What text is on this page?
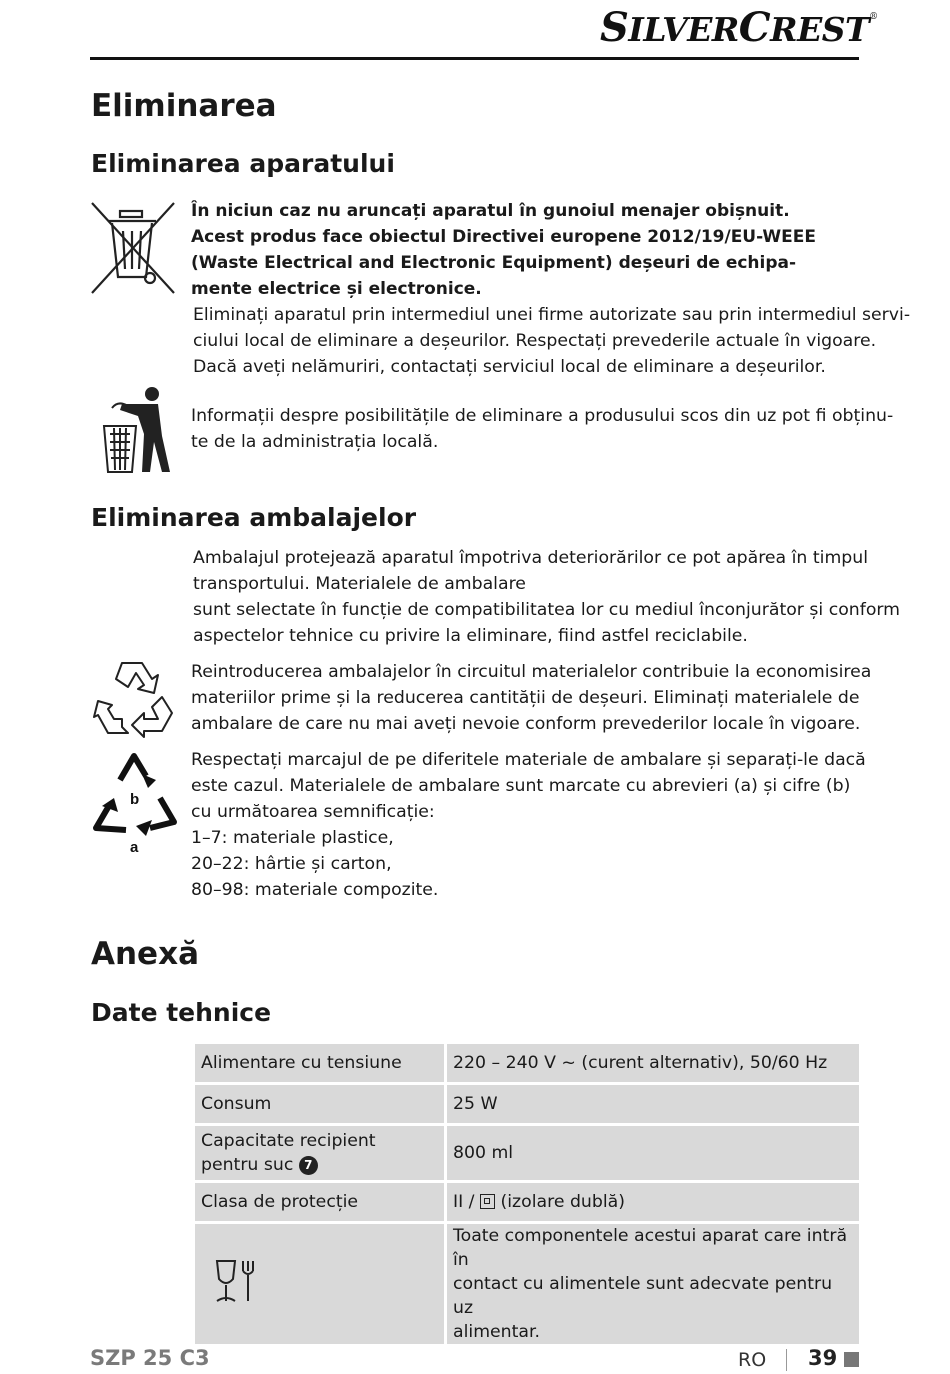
SILVERCREST®
Eliminarea
Eliminarea aparatului
În niciun caz nu aruncați aparatul în gunoiul menajer obișnuit.
Acest produs face obiectul Directivei europene 2012/19/EU-WEEE
(Waste Electrical and Electronic Equipment) deșeuri de echipa-
mente electrice și electronice.
Eliminați aparatul prin intermediul unei firme autorizate sau prin intermediul servi-
ciului local de eliminare a deșeurilor. Respectați prevederile actuale în vigoare.
Dacă aveți nelămuriri, contactați serviciul local de eliminare a deșeurilor.
Informații despre posibilitățile de eliminare a produsului scos din uz pot fi obținu-
te de la administrația locală.
Eliminarea ambalajelor
Ambalajul protejează aparatul împotriva deteriorărilor ce pot apărea în timpul
transportului. Materialele de ambalare
sunt selectate în funcție de compatibilitatea lor cu mediul înconjurător și conform
aspectelor tehnice cu privire la eliminare, fiind astfel reciclabile.
Reintroducerea ambalajelor în circuitul materialelor contribuie la economisirea
materiilor prime și la reducerea cantității de deșeuri. Eliminați materialele de
ambalare de care nu mai aveți nevoie conform prevederilor locale în vigoare.
b
a
Respectați marcajul de pe diferitele materiale de ambalare și separați-le dacă
este cazul. Materialele de ambalare sunt marcate cu abrevieri (a) și cifre (b)
cu următoarea semnificație:
1–7: materiale plastice,
20–22: hârtie și carton,
80–98: materiale compozite.
Anexă
Date tehnice
Alimentare cu tensiune	220 – 240 V ~ (curent alternativ), 50/60 Hz
Consum	25 W
Capacitate recipient pentru suc 7	800 ml
Clasa de protecție	II / (izolare dublă)

Toate componentele acestui aparat care intră în
contact cu alimentele sunt adecvate pentru uz
alimentar.
SZP 25 C3	RO 39
